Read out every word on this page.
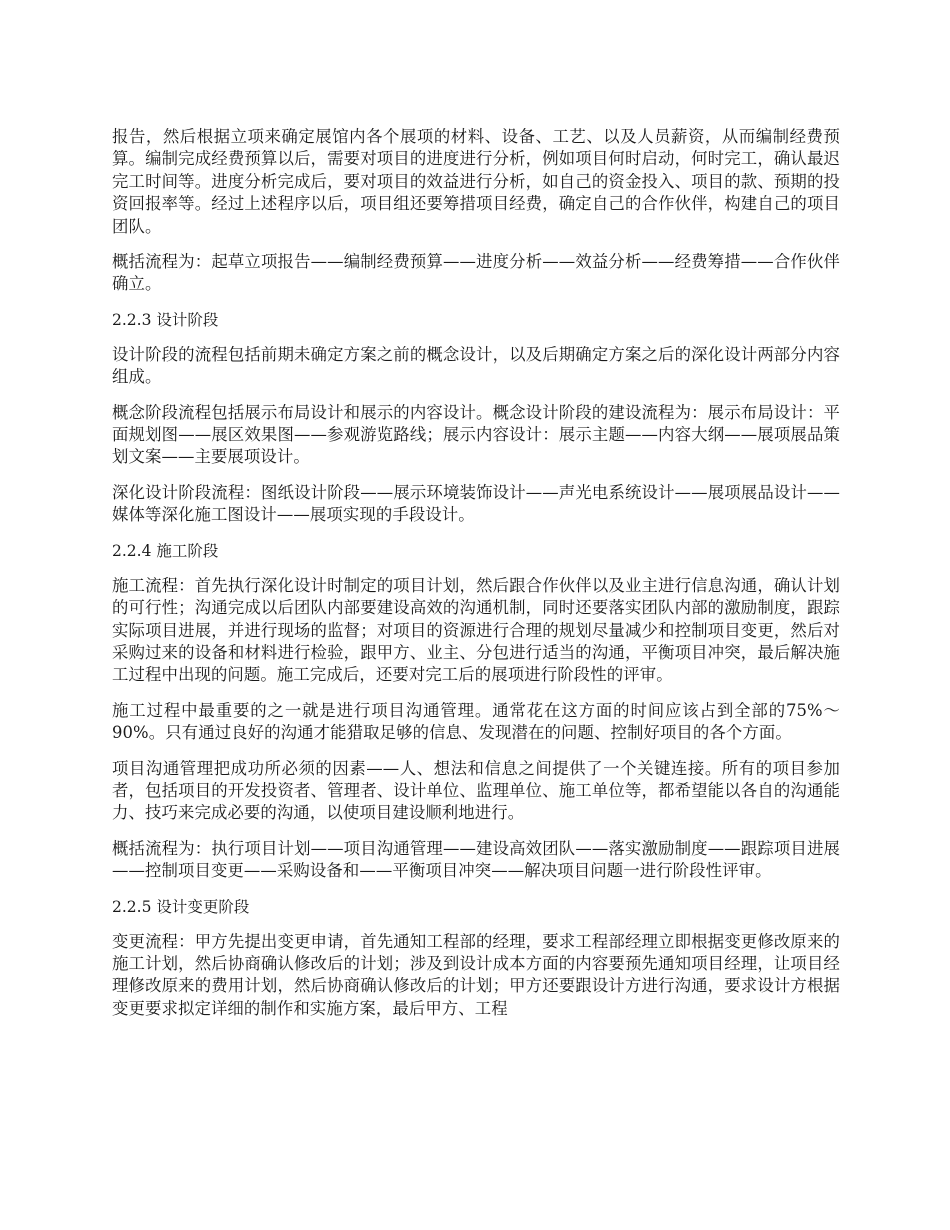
报告，然后根据立项来确定展馆内各个展项的材料、设备、工艺、以及人员薪资，从而编制经费预算。编制完成经费预算以后，需要对项目的进度进行分析，例如项目何时启动，何时完工，确认最迟完工时间等。进度分析完成后，要对项目的效益进行分析，如自己的资金投入、项目的款、预期的投资回报率等。经过上述程序以后，项目组还要筹措项目经费，确定自己的合作伙伴，构建自己的项目团队。

概括流程为：起草立项报告——编制经费预算——进度分析——效益分析——经费筹措——合作伙伴确立。

2.2.3 设计阶段

设计阶段的流程包括前期未确定方案之前的概念设计，以及后期确定方案之后的深化设计两部分内容组成。

概念阶段流程包括展示布局设计和展示的内容设计。概念设计阶段的建设流程为：展示布局设计：平面规划图——展区效果图——参观游览路线；展示内容设计：展示主题——内容大纲——展项展品策划文案——主要展项设计。

深化设计阶段流程：图纸设计阶段——展示环境装饰设计——声光电系统设计——展项展品设计——媒体等深化施工图设计——展项实现的手段设计。

2.2.4 施工阶段

施工流程：首先执行深化设计时制定的项目计划，然后跟合作伙伴以及业主进行信息沟通，确认计划的可行性；沟通完成以后团队内部要建设高效的沟通机制，同时还要落实团队内部的激励制度，跟踪实际项目进展，并进行现场的监督；对项目的资源进行合理的规划尽量减少和控制项目变更，然后对采购过来的设备和材料进行检验，跟甲方、业主、分包进行适当的沟通，平衡项目冲突，最后解决施工过程中出现的问题。施工完成后，还要对完工后的展项进行阶段性的评审。

施工过程中最重要的之一就是进行项目沟通管理。通常花在这方面的时间应该占到全部的75%～90%。只有通过良好的沟通才能猎取足够的信息、发现潜在的问题、控制好项目的各个方面。

项目沟通管理把成功所必须的因素——人、想法和信息之间提供了一个关键连接。所有的项目参加者，包括项目的开发投资者、管理者、设计单位、监理单位、施工单位等，都希望能以各自的沟通能力、技巧来完成必要的沟通，以使项目建设顺利地进行。

概括流程为：执行项目计划——项目沟通管理——建设高效团队——落实激励制度——跟踪项目进展——控制项目变更——采购设备和——平衡项目冲突——解决项目问题一进行阶段性评审。

2.2.5 设计变更阶段

变更流程：甲方先提出变更申请，首先通知工程部的经理，要求工程部经理立即根据变更修改原来的施工计划，然后协商确认修改后的计划；涉及到设计成本方面的内容要预先通知项目经理，让项目经理修改原来的费用计划，然后协商确认修改后的计划；甲方还要跟设计方进行沟通，要求设计方根据变更要求拟定详细的制作和实施方案，最后甲方、工程
